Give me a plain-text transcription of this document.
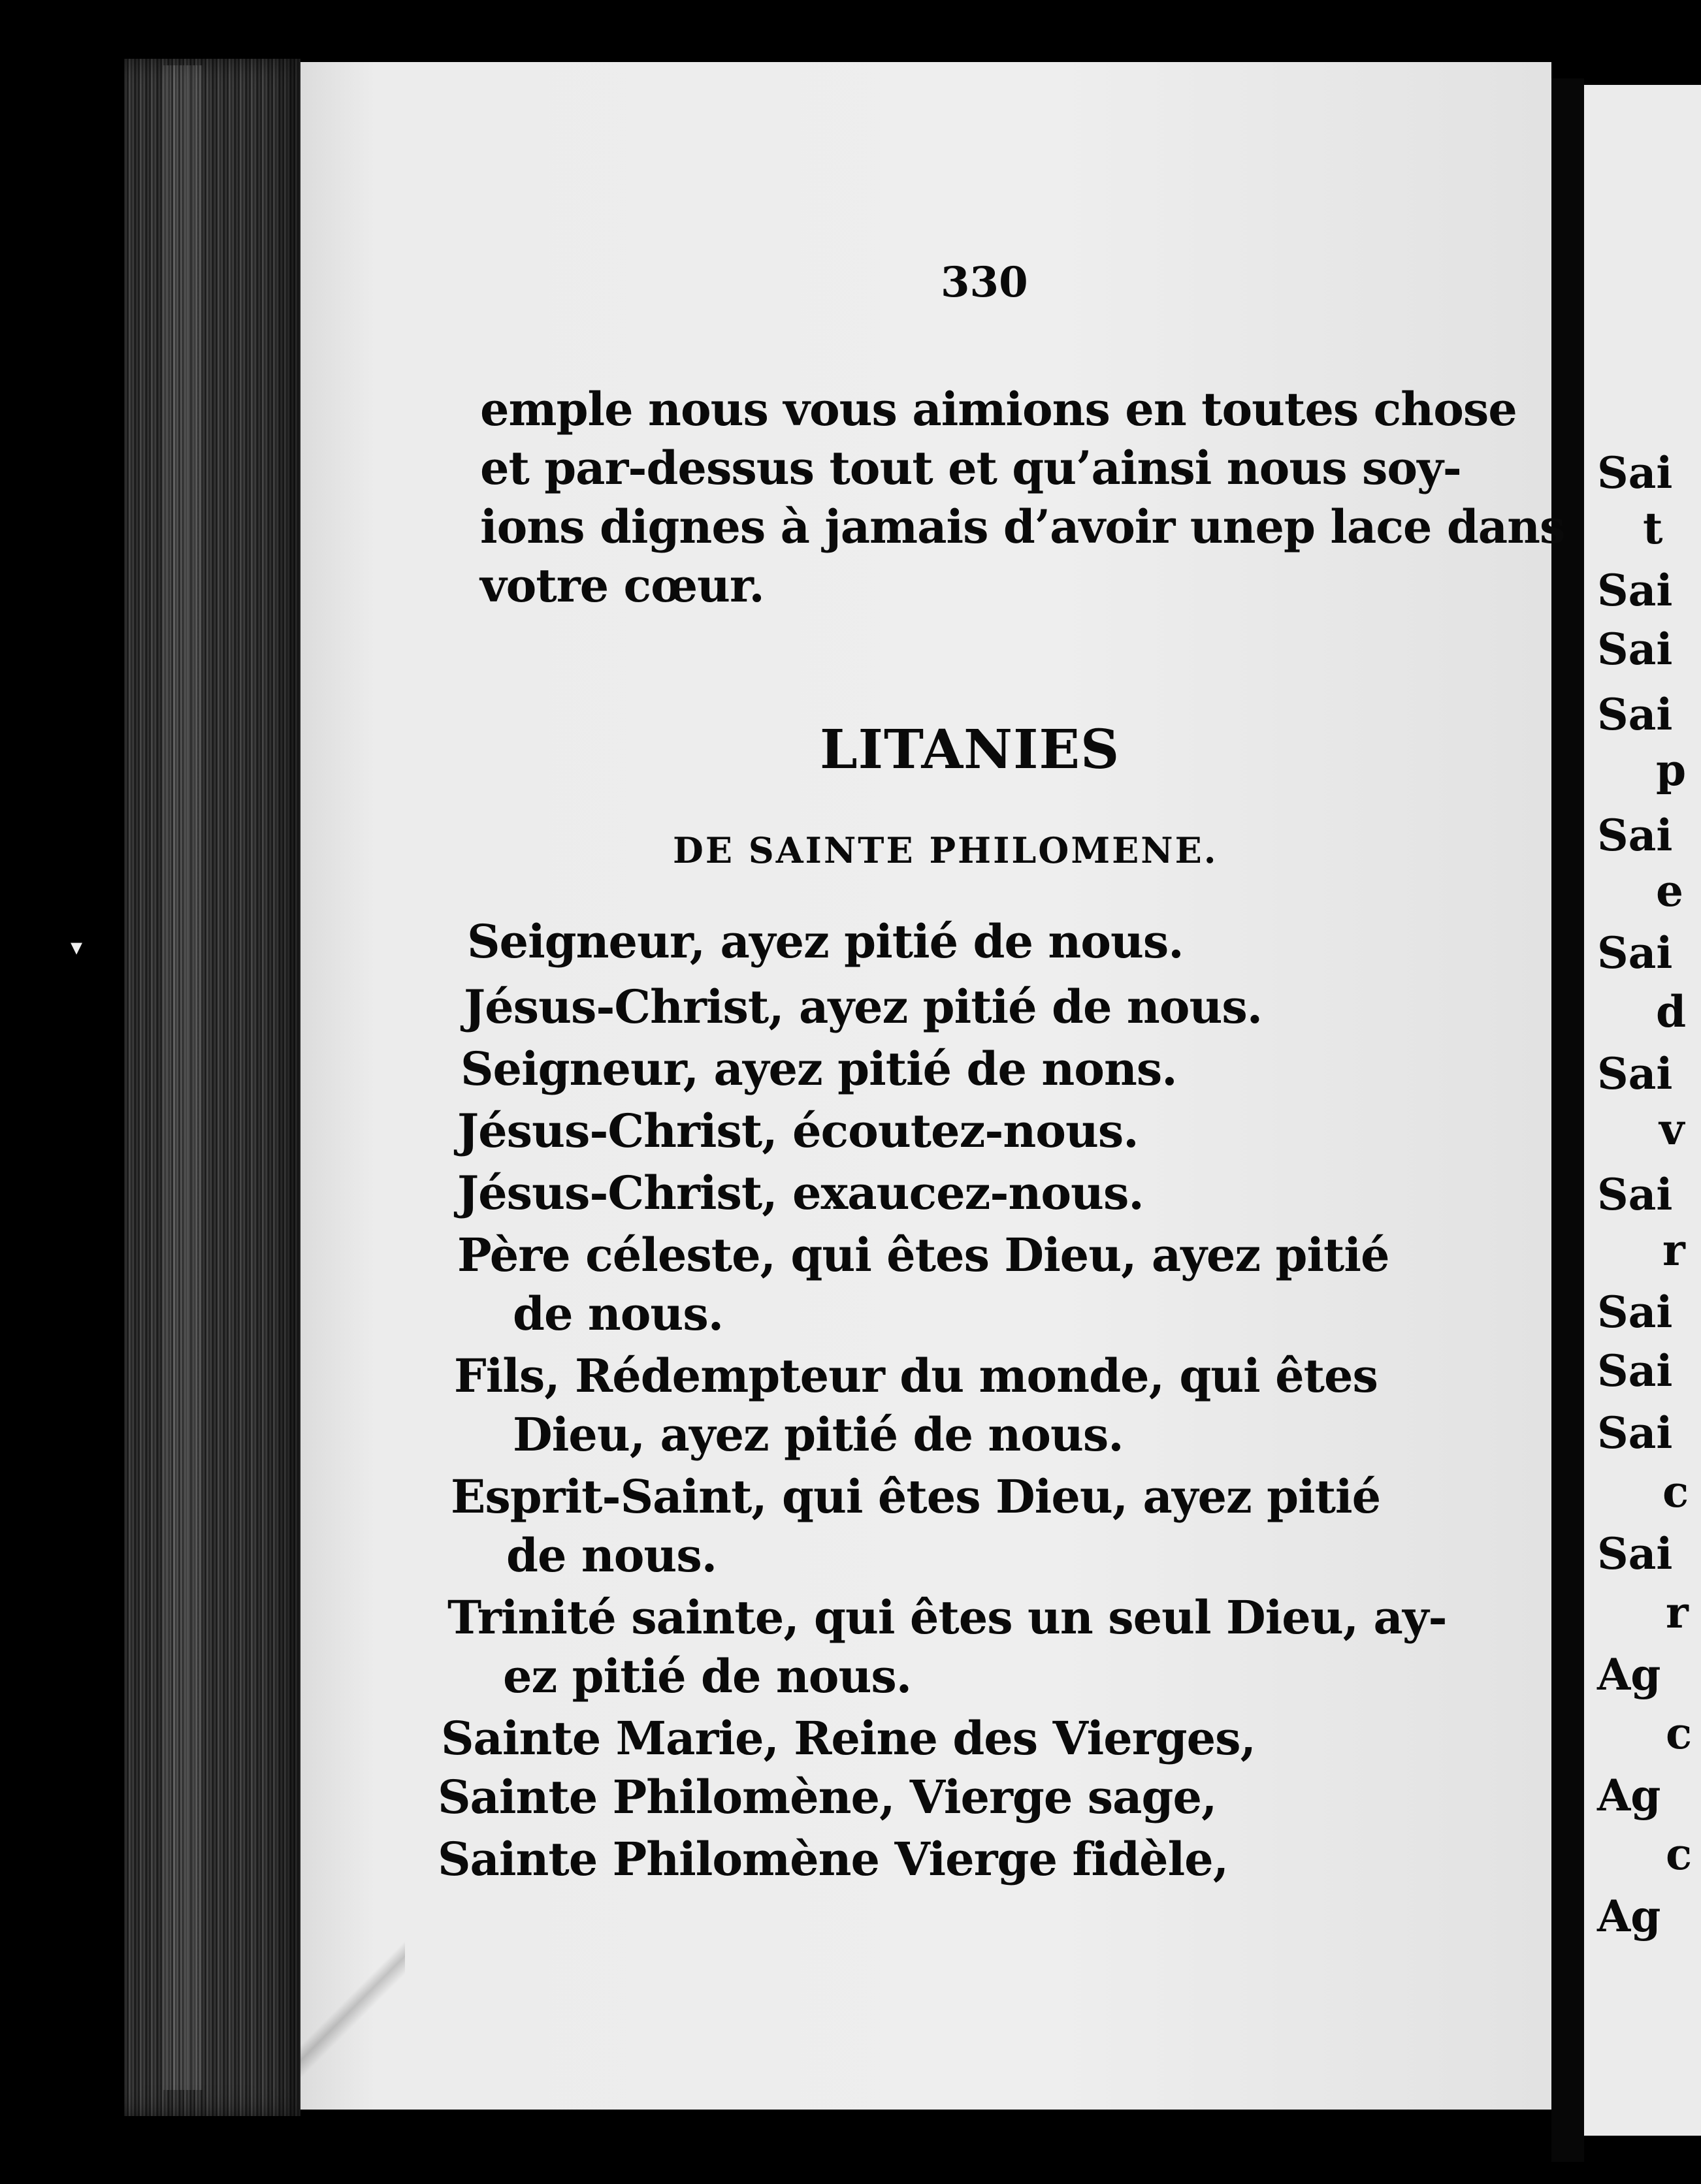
Sai
t
Sai
Sai
Sai
p
Sai
e
Sai
d
Sai
v
Sai
r
Sai
Sai
Sai
c
Sai
r
Ag
c
Ag
c
Ag
330
emple nous vous aimions en toutes chose
et par-dessus tout et qu’ainsi nous soy-
ions dignes à jamais d’avoir unep lace dans
votre cœur.
LITANIES
DE SAINTE PHILOMENE.
Seigneur, ayez pitié de nous.
Jésus-Christ, ayez pitié de nous.
Seigneur, ayez pitié de nons.
Jésus-Christ, écoutez-nous.
Jésus-Christ, exaucez-nous.
Père céleste, qui êtes Dieu, ayez pitié
de nous.
Fils, Rédempteur du monde, qui êtes
Dieu, ayez pitié de nous.
Esprit-Saint, qui êtes Dieu, ayez pitié
de nous.
Trinité sainte, qui êtes un seul Dieu, ay-
ez pitié de nous.
Sainte Marie, Reine des Vierges,
Sainte Philomène, Vierge sage,
Sainte Philomène Vierge fidèle,
▾
